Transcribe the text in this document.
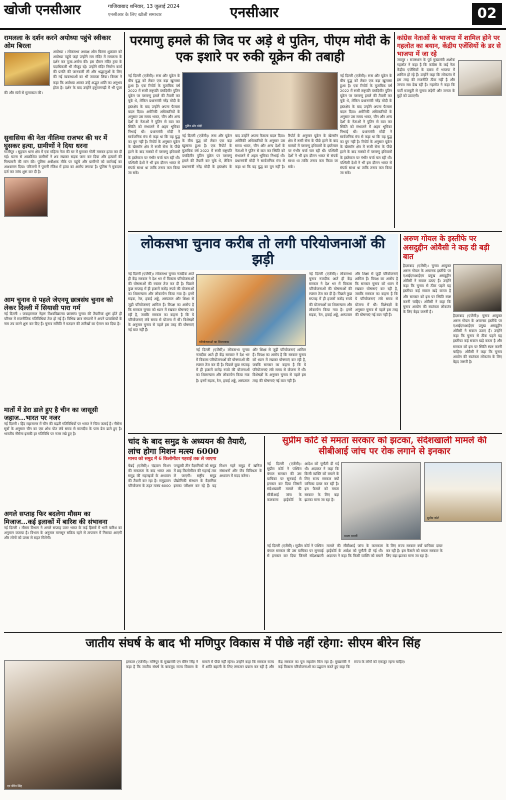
खोजी एनसीआर	गाजियाबाद शनिवार, 13 जुलाई 2024
एनसीआर के लिए खोजी समाचार	एनसीआर	02
रामलला के दर्शन करने अयोध्या पहुंचे स्वीकार ओम बिरला
अयोध्या । लोकसभा अध्यक्ष ओम बिरला शुक्रवार को अयोध्या पहुंचे जहां उन्होंने राम मंदिर में रामलला के दर्शन कर पूजा-अर्चना की। इस दौरान मंदिर ट्रस्ट के पदाधिकारी भी मौजूद रहे। उन्होंने मंदिर निर्माण कार्य की प्रगति की जानकारी ली और श्रद्धालुओं के लिए की गई व्यवस्थाओं का भी जायजा लिया। बिरला ने कहा कि अयोध्या आकर उन्हें अद्भुत शांति का अनुभव होता है। दर्शन के बाद उन्होंने हनुमानगढ़ी में भी पूजा की और संतों से मुलाकात की।
सुवासिया की नेता नीलिमा राजभर की घर में घुसकर हत्या, ग्रामीणों ने दिया धरना
गाजीपुर । सुहवल थाना क्षेत्र में एक महिला नेता की घर में घुसकर गोली मारकर हत्या कर दी गई। घटना से आक्रोशित ग्रामीणों ने शव रखकर सड़क जाम कर दिया और हत्यारों की गिरफ्तारी की मांग की। पुलिस अधीक्षक मौके पर पहुंचे और ग्रामीणों को कार्रवाई का आश्वासन दिया। परिजनों ने पुरानी रंजिश में हत्या का आरोप लगाया है। पुलिस ने मुकदमा दर्ज कर जांच शुरू कर दी है।
आम चुनाव से पहले जेएनयू छात्रसंघ चुनाव को लेकर दिल्ली में सियासी पारा गर्म
नई दिल्ली । जवाहरलाल नेहरू विश्वविद्यालय छात्रसंघ चुनाव की तैयारियां शुरू होते ही परिसर में राजनीतिक गतिविधियां तेज हो गई हैं। विभिन्न छात्र संगठनों ने अपने प्रत्याशियों के नाम तय करने शुरू कर दिए हैं। चुनाव समिति ने मतदान की तारीखों का ऐलान कर दिया है।
मातों में डेरा डाले हुए है चीन का जासूसी जहाज...भारत पर नजर
नई दिल्ली । हिंद महासागर में चीन की बढ़ती गतिविधियों पर भारत ने चिंता जताई है। नौसेना सूत्रों के अनुसार चीन का एक शोध पोत लंबे समय से मालदीव के पास डेरा डाले हुए है। भारतीय नौसेना इसकी हर गतिविधि पर नजर रखे हुए है।
अगले सप्ताह फिर बदलेगा मौसम का मिजाज...कई इलाकों में बारिश की संभावना
नई दिल्ली । मौसम विभाग ने अगले सप्ताह उत्तर भारत के कई हिस्सों में भारी बारिश का अनुमान जताया है। विभाग के अनुसार मानसून सक्रिय रहने से तापमान में गिरावट आएगी और लोगों को उमस से राहत मिलेगी।
परमाणु हमले की जिद पर अड़े थे पुतिन, पीएम मोदी के एक इशारे पर रुकी यूक्रेन की तबाही
पुतिन और मोदी
नई दिल्ली (एजेंसी)। रूस और यूक्रेन के बीच युद्ध को लेकर एक बड़ा खुलासा हुआ है। एक रिपोर्ट के मुताबिक वर्ष 2022 में रूसी राष्ट्रपति व्लादिमीर पुतिन यूक्रेन पर परमाणु हमले की तैयारी कर चुके थे, लेकिन प्रधानमंत्री नरेंद्र मोदी के हस्तक्षेप के बाद उन्होंने अपना फैसला बदल दिया। अमेरिकी अधिकारियों के अनुसार उस समय भारत, चीन और अन्य देशों के नेताओं ने पुतिन से बात कर स्थिति को संभालने में अहम भूमिका निभाई थी। प्रधानमंत्री मोदी ने सार्वजनिक मंच से कहा था कि यह युद्ध का युग नहीं है। रिपोर्ट के अनुसार यूक्रेन के खेरसॉन क्षेत्र में रूसी सेना के पीछे हटने के बाद मास्को में परमाणु हथियारों के इस्तेमाल पर गंभीर चर्चा चल रही थी। पश्चिमी देशों ने भी इस दौरान भारत से संपर्क साधा था ताकि तनाव कम किया जा सके।
नई दिल्ली (एजेंसी)। रूस और यूक्रेन के बीच युद्ध को लेकर एक बड़ा खुलासा हुआ है। एक रिपोर्ट के मुताबिक वर्ष 2022 में रूसी राष्ट्रपति व्लादिमीर पुतिन यूक्रेन पर परमाणु हमले की तैयारी कर चुके थे, लेकिन प्रधानमंत्री नरेंद्र मोदी के हस्तक्षेप के बाद उन्होंने अपना फैसला बदल दिया। अमेरिकी अधिकारियों के अनुसार उस समय भारत, चीन और अन्य देशों के नेताओं ने पुतिन से बात कर स्थिति को संभालने में अहम भूमिका निभाई थी। प्रधानमंत्री मोदी ने सार्वजनिक मंच से कहा था कि यह युद्ध का युग नहीं है। रिपोर्ट के अनुसार यूक्रेन के खेरसॉन क्षेत्र में रूसी सेना के पीछे हटने के बाद मास्को में परमाणु हथियारों के इस्तेमाल पर गंभीर चर्चा चल रही थी। पश्चिमी देशों ने भी इस दौरान भारत से संपर्क साधा था ताकि तनाव कम किया जा सके।
नई दिल्ली (एजेंसी)। रूस और यूक्रेन के बीच युद्ध को लेकर एक बड़ा खुलासा हुआ है। एक रिपोर्ट के मुताबिक वर्ष 2022 में रूसी राष्ट्रपति व्लादिमीर पुतिन यूक्रेन पर परमाणु हमले की तैयारी कर चुके थे, लेकिन प्रधानमंत्री नरेंद्र मोदी के हस्तक्षेप के बाद उन्होंने अपना फैसला बदल दिया। अमेरिकी अधिकारियों के अनुसार उस समय भारत, चीन और अन्य देशों के नेताओं ने पुतिन से बात कर स्थिति को संभालने में अहम भूमिका निभाई थी। प्रधानमंत्री मोदी ने सार्वजनिक मंच से कहा था कि यह युद्ध का युग नहीं है। रिपोर्ट के अनुसार यूक्रेन के खेरसॉन क्षेत्र में रूसी सेना के पीछे हटने के बाद मास्को में परमाणु हथियारों के इस्तेमाल पर गंभीर चर्चा चल रही थी। पश्चिमी देशों ने भी इस दौरान भारत से संपर्क साधा था ताकि तनाव कम किया जा सके।
कांग्रेस नेताओं के भाजपा में शामिल होने पर गहलोत का बयान, केंद्रीय एजेंसियों के डर से भाजपा में जा रहे
जयपुर । राजस्थान के पूर्व मुख्यमंत्री अशोक गहलोत ने कहा है कि कांग्रेस के कई नेता केंद्रीय एजेंसियों के दबाव में भाजपा में शामिल हो रहे हैं। उन्होंने कहा कि लोकतंत्र में इस तरह की राजनीति ठीक नहीं है और जनता सब देख रही है। गहलोत ने कहा कि पार्टी मजबूती से चुनाव लड़ेगी और जनता के मुद्दों को उठाएगी।
लोकसभा चुनाव करीब तो लगी परियोजनाओं की झड़ी
नई दिल्ली (एजेंसी)। लोकसभा चुनाव नजदीक आते ही केंद्र सरकार ने देश भर में विकास परियोजनाओं की घोषणाओं की रफ्तार तेज कर दी है। पिछले कुछ सप्ताह में ही हजारों करोड़ रुपये की योजनाओं का शिलान्यास और लोकार्पण किया गया है। इनमें सड़क, रेल, हवाई अड्डे, अस्पताल और शिक्षा से जुड़ी परियोजनाएं शामिल हैं। विपक्ष का आरोप है कि सरकार चुनाव को ध्यान में रखकर घोषणाएं कर रही है, जबकि सरकार का कहना है कि ये परियोजनाएं लंबे समय से योजना में थीं। विशेषज्ञों के अनुसार चुनाव से पहले इस तरह की घोषणाएं नई बात नहीं हैं।
परियोजनाओं का शिलान्यास
नई दिल्ली (एजेंसी)। लोकसभा चुनाव नजदीक आते ही केंद्र सरकार ने देश भर में विकास परियोजनाओं की घोषणाओं की रफ्तार तेज कर दी है। पिछले कुछ सप्ताह में ही हजारों करोड़ रुपये की योजनाओं का शिलान्यास और लोकार्पण किया गया है। इनमें सड़क, रेल, हवाई अड्डे, अस्पताल और शिक्षा से जुड़ी परियोजनाएं शामिल हैं। विपक्ष का आरोप है कि सरकार चुनाव को ध्यान में रखकर घोषणाएं कर रही है, जबकि सरकार का कहना है कि ये परियोजनाएं लंबे समय से योजना में थीं। विशेषज्ञों के अनुसार चुनाव से पहले इस तरह की घोषणाएं नई बात नहीं हैं।
नई दिल्ली (एजेंसी)। लोकसभा चुनाव नजदीक आते ही केंद्र सरकार ने देश भर में विकास परियोजनाओं की घोषणाओं की रफ्तार तेज कर दी है। पिछले कुछ सप्ताह में ही हजारों करोड़ रुपये की योजनाओं का शिलान्यास और लोकार्पण किया गया है। इनमें सड़क, रेल, हवाई अड्डे, अस्पताल और शिक्षा से जुड़ी परियोजनाएं शामिल हैं। विपक्ष का आरोप है कि सरकार चुनाव को ध्यान में रखकर घोषणाएं कर रही है, जबकि सरकार का कहना है कि ये परियोजनाएं लंबे समय से योजना में थीं। विशेषज्ञों के अनुसार चुनाव से पहले इस तरह की घोषणाएं नई बात नहीं हैं।
अरुण गोयल के इस्तीफे पर असदुद्दीन ओवैसी ने कह दी बड़ी बात
हैदराबाद (एजेंसी)। चुनाव आयुक्त अरुण गोयल के अचानक इस्तीफे पर एआईएमआईएम प्रमुख असदुद्दीन ओवैसी ने सवाल उठाए हैं। उन्होंने कहा कि चुनाव से ठीक पहले यह इस्तीफा कई सवाल खड़े करता है और सरकार को इस पर स्थिति स्पष्ट करनी चाहिए। ओवैसी ने कहा कि चुनाव आयोग की स्वतंत्रता लोकतंत्र के लिए बेहद जरूरी है।
हैदराबाद (एजेंसी)। चुनाव आयुक्त अरुण गोयल के अचानक इस्तीफे पर एआईएमआईएम प्रमुख असदुद्दीन ओवैसी ने सवाल उठाए हैं। उन्होंने कहा कि चुनाव से ठीक पहले यह इस्तीफा कई सवाल खड़े करता है और सरकार को इस पर स्थिति स्पष्ट करनी चाहिए। ओवैसी ने कहा कि चुनाव आयोग की स्वतंत्रता लोकतंत्र के लिए बेहद जरूरी है।
चांद के बाद समुद्र के अध्ययन की तैयारी, लांच होगा मिशन मत्स्य 6000
मानव को समुद्र में 6 किलोमीटर गहराई तक ले जाएगा
चेन्नई (एजेंसी)। चंद्रयान मिशन की सफलता के बाद भारत अब समुद्र की गहराइयों के अध्ययन की तैयारी कर रहा है। समुद्रयान परियोजना के तहत मत्स्य 6000 पनडुब्बी तीन वैज्ञानिकों को समुद्र में छह किलोमीटर की गहराई तक ले जाएगी। राष्ट्रीय समुद्र प्रौद्योगिकी संस्थान के वैज्ञानिक इसका परीक्षण कर रहे हैं। यह मिशन गहरे समुद्र में खनिज संसाधनों और जैव विविधता के अध्ययन में मदद करेगा।
सुप्रीम कोर्ट से ममता सरकार को झटका, संदेशखाली मामले की सीबीआई जांच पर रोक लगाने से इनकार
नई दिल्ली (एजेंसी)। सुप्रीम कोर्ट ने पश्चिम बंगाल सरकार की उस याचिका पर सुनवाई से इनकार कर दिया जिसमें संदेशखाली मामले की सीबीआई जांच के कलकत्ता हाईकोर्ट के आदेश को चुनौती दी गई थी। अदालत ने कहा कि किसी व्यक्ति को बचाने के लिए राज्य सरकार क्यों याचिका दायर कर रही है। इस फैसले को ममता सरकार के लिए बड़ा झटका माना जा रहा है।
ममता बनर्जी
सुप्रीम कोर्ट
नई दिल्ली (एजेंसी)। सुप्रीम कोर्ट ने पश्चिम बंगाल सरकार की उस याचिका पर सुनवाई से इनकार कर दिया जिसमें संदेशखाली मामले की सीबीआई जांच के कलकत्ता हाईकोर्ट के आदेश को चुनौती दी गई थी। अदालत ने कहा कि किसी व्यक्ति को बचाने के लिए राज्य सरकार क्यों याचिका दायर कर रही है। इस फैसले को ममता सरकार के लिए बड़ा झटका माना जा रहा है।
जातीय संघर्ष के बाद भी मणिपुर विकास में पीछे नहीं रहेगा: सीएम बीरेन सिंह
एन बीरेन सिंह
इम्फाल (एजेंसी)। मणिपुर के मुख्यमंत्री एन बीरेन सिंह ने कहा है कि जातीय संघर्ष के बावजूद राज्य विकास के मामले में पीछे नहीं रहेगा। उन्होंने कहा कि सरकार राज्य में शांति बहाली के लिए लगातार प्रयास कर रही है और केंद्र सरकार का पूरा सहयोग मिल रहा है। मुख्यमंत्री ने कई विकास परियोजनाओं का उद्घाटन करते हुए कहा कि राज्य के लोगों को एकजुट रहना चाहिए।
